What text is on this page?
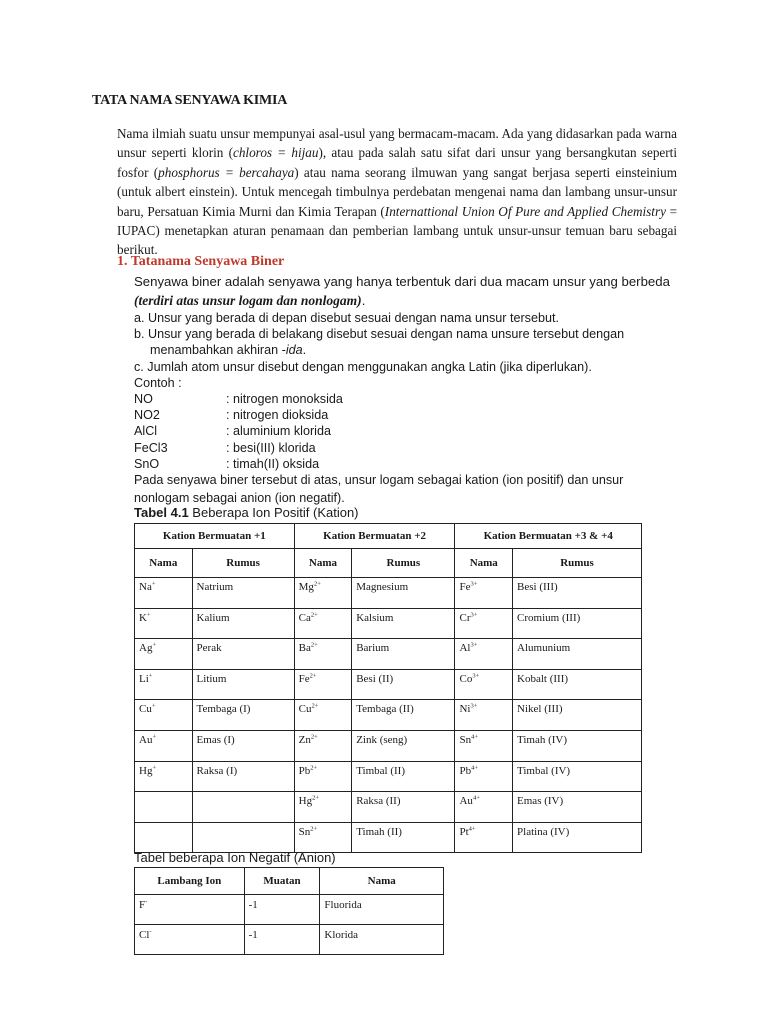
TATA NAMA SENYAWA KIMIA
Nama ilmiah suatu unsur mempunyai asal-usul yang bermacam-macam. Ada yang didasarkan pada warna unsur seperti klorin (chloros = hijau), atau pada salah satu sifat dari unsur yang bersangkutan seperti fosfor (phosphorus = bercahaya) atau nama seorang ilmuwan yang sangat berjasa seperti einsteinium (untuk albert einstein). Untuk mencegah timbulnya perdebatan mengenai nama dan lambang unsur-unsur baru, Persatuan Kimia Murni dan Kimia Terapan (Internattional Union Of Pure and Applied Chemistry = IUPAC) menetapkan aturan penamaan dan pemberian lambang untuk unsur-unsur temuan baru sebagai berikut.
1. Tatanama Senyawa Biner

Senyawa biner adalah senyawa yang hanya terbentuk dari dua macam unsur yang berbeda (terdiri atas unsur logam dan nonlogam).

a. Unsur yang berada di depan disebut sesuai dengan nama unsur tersebut.
b. Unsur yang berada di belakang disebut sesuai dengan nama unsure tersebut dengan
menambahkan akhiran -ida.
c. Jumlah atom unsur disebut dengan menggunakan angka Latin (jika diperlukan).
Contoh :
NO	: nitrogen monoksida
NO2	: nitrogen dioksida
AlCl	: aluminium klorida
FeCl3	: besi(III) klorida
SnO	: timah(II) oksida

Pada senyawa biner tersebut di atas, unsur logam sebagai kation (ion positif) dan unsur nonlogam sebagai anion (ion negatif).

Tabel 4.1 Beberapa Ion Positif (Kation)
Kation Bermuatan +1		Kation Bermuatan +2		Kation Bermuatan +3 & +4	
Nama	Rumus	Nama	Rumus	Nama	Rumus
Na+	Natrium	$Mg^{2+}$	Magnesium	$Fe^{3+}$	Besi (III)
K+	Kalium	$Ca^{2+}$	Kalsium	$Cr^{3+}$	Cromium (III)
Ag+	Perak	$Ba^{2+}$	Barium	$Al^{3+}$	Alumunium
Li+	Litium	$Fe^{2+}$	Besi (II)	$Co^{3+}$	Kobalt (III)
Cu+	Tembaga (I)	$Cu^{2+}$	Tembaga (II)	$Ni^{3+}$	Nikel (III)
Au+	Emas (I)	$Zn^{2+}$	Zink (seng)	$Sn^{4+}$	Timah (IV)
Hg+	Raksa (I)	$Pb^{2+}$	Timbal (II)	$Pb^{4+}$	Timbal (IV)
		$Hg^{2+}$	Raksa (II)	$Au^{4+}$	Emas (IV)
		$Sn^{2+}$	Timah (II)	$Pt^{4+}$	Platina (IV)
Tabel beberapa Ion Negatif (Anion)
Lambang Ion	Muatan	Nama
F-	-1	Fluorida
Cl-	-1	Klorida
